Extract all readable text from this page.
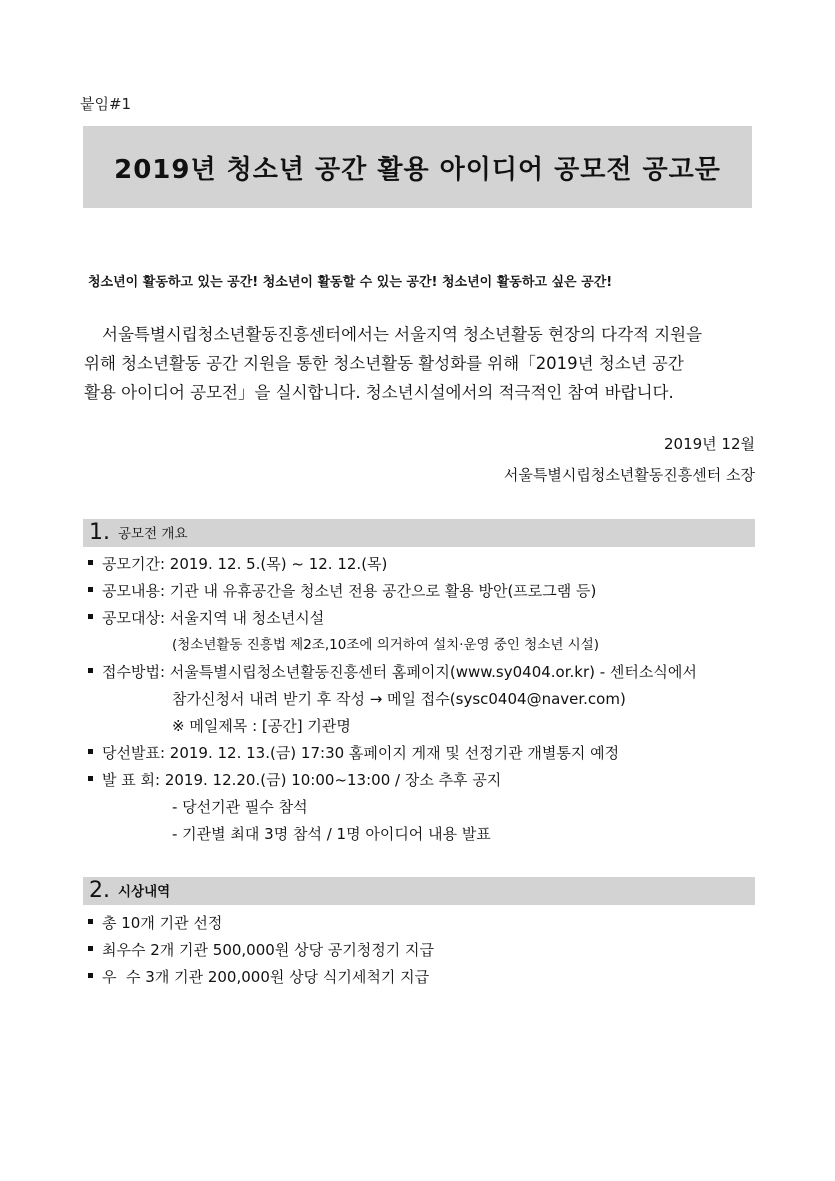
붙임#1
2019년 청소년 공간 활용 아이디어 공모전 공고문
청소년이 활동하고 있는 공간! 청소년이 활동할 수 있는 공간! 청소년이 활동하고 싶은 공간!

서울특별시립청소년활동진흥센터에서는 서울지역 청소년활동 현장의 다각적 지원을
위해 청소년활동 공간 지원을 통한 청소년활동 활성화를 위해「2019년 청소년 공간
활용 아이디어 공모전」을 실시합니다. 청소년시설에서의 적극적인 참여 바랍니다.

2019년 12월
서울특별시립청소년활동진흥센터 소장
1. 공모전 개요
공모기간: 2019. 12. 5.(목) ~ 12. 12.(목)
공모내용: 기관 내 유휴공간을 청소년 전용 공간으로 활용 방안(프로그램 등)
공모대상: 서울지역 내 청소년시설
(청소년활동 진흥법 제2조,10조에 의거하여 설치·운영 중인 청소년 시설)
접수방법: 서울특별시립청소년활동진흥센터 홈페이지(www.sy0404.or.kr) - 센터소식에서
참가신청서 내려 받기 후 작성 → 메일 접수(sysc0404@naver.com)
※ 메일제목 : [공간] 기관명
당선발표: 2019. 12. 13.(금) 17:30 홈페이지 게재 및 선정기관 개별통지 예정
발 표 회: 2019. 12.20.(금) 10:00~13:00 / 장소 추후 공지
- 당선기관 필수 참석
- 기관별 최대 3명 참석 / 1명 아이디어 내용 발표
2. 시상내역
총 10개 기관 선정
최우수 2개 기관 500,000원 상당 공기청정기 지급
우  수 3개 기관 200,000원 상당 식기세척기 지급
